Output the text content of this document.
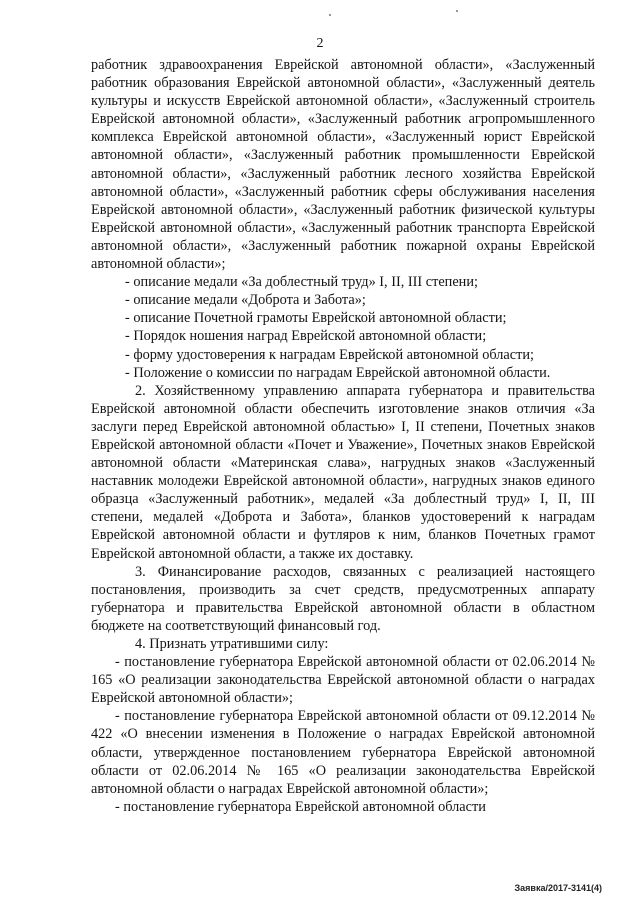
2

работник здравоохранения Еврейской автономной области», «Заслуженный работник образования Еврейской автономной области», «Заслуженный деятель культуры и искусств Еврейской автономной области», «Заслуженный строитель Еврейской автономной области», «Заслуженный работник агропромышленного комплекса Еврейской автономной области», «Заслуженный юрист Еврейской автономной области», «Заслуженный работник промышленности Еврейской автономной области», «Заслуженный работник лесного хозяйства Еврейской автономной области», «Заслуженный работник сферы обслуживания населения Еврейской автономной области», «Заслуженный работник физической культуры Еврейской автономной области», «Заслуженный работник транспорта Еврейской автономной области», «Заслуженный работник пожарной охраны Еврейской автономной области»;

- описание медали «За доблестный труд» I, II, III степени;

- описание медали «Доброта и Забота»;

- описание Почетной грамоты Еврейской автономной области;

- Порядок ношения наград Еврейской автономной области;

- форму удостоверения к наградам Еврейской автономной области;

- Положение о комиссии по наградам Еврейской автономной области.

2. Хозяйственному управлению аппарата губернатора и правительства Еврейской автономной области обеспечить изготовление знаков отличия «За заслуги перед Еврейской автономной областью» I, II степени, Почетных знаков Еврейской автономной области «Почет и Уважение», Почетных знаков Еврейской автономной области «Материнская слава», нагрудных знаков «Заслуженный наставник молодежи Еврейской автономной области», нагрудных знаков единого образца «Заслуженный работник», медалей «За доблестный труд» I, II, III степени, медалей «Доброта и Забота», бланков удостоверений к наградам Еврейской автономной области и футляров к ним, бланков Почетных грамот Еврейской автономной области, а также их доставку.

3. Финансирование расходов, связанных с реализацией настоящего постановления, производить за счет средств, предусмотренных аппарату губернатора и правительства Еврейской автономной области в областном бюджете на соответствующий финансовый год.

4. Признать утратившими силу:

- постановление губернатора Еврейской автономной области от 02.06.2014 № 165 «О реализации законодательства Еврейской автономной области о наградах Еврейской автономной области»;

- постановление губернатора Еврейской автономной области от 09.12.2014 № 422 «О внесении изменения в Положение о наградах Еврейской автономной области, утвержденное постановлением губернатора Еврейской автономной области от 02.06.2014 № 165 «О реализации законодательства Еврейской автономной области о наградах Еврейской автономной области»;

- постановление губернатора Еврейской автономной области

Заявка/2017-3141(4)
